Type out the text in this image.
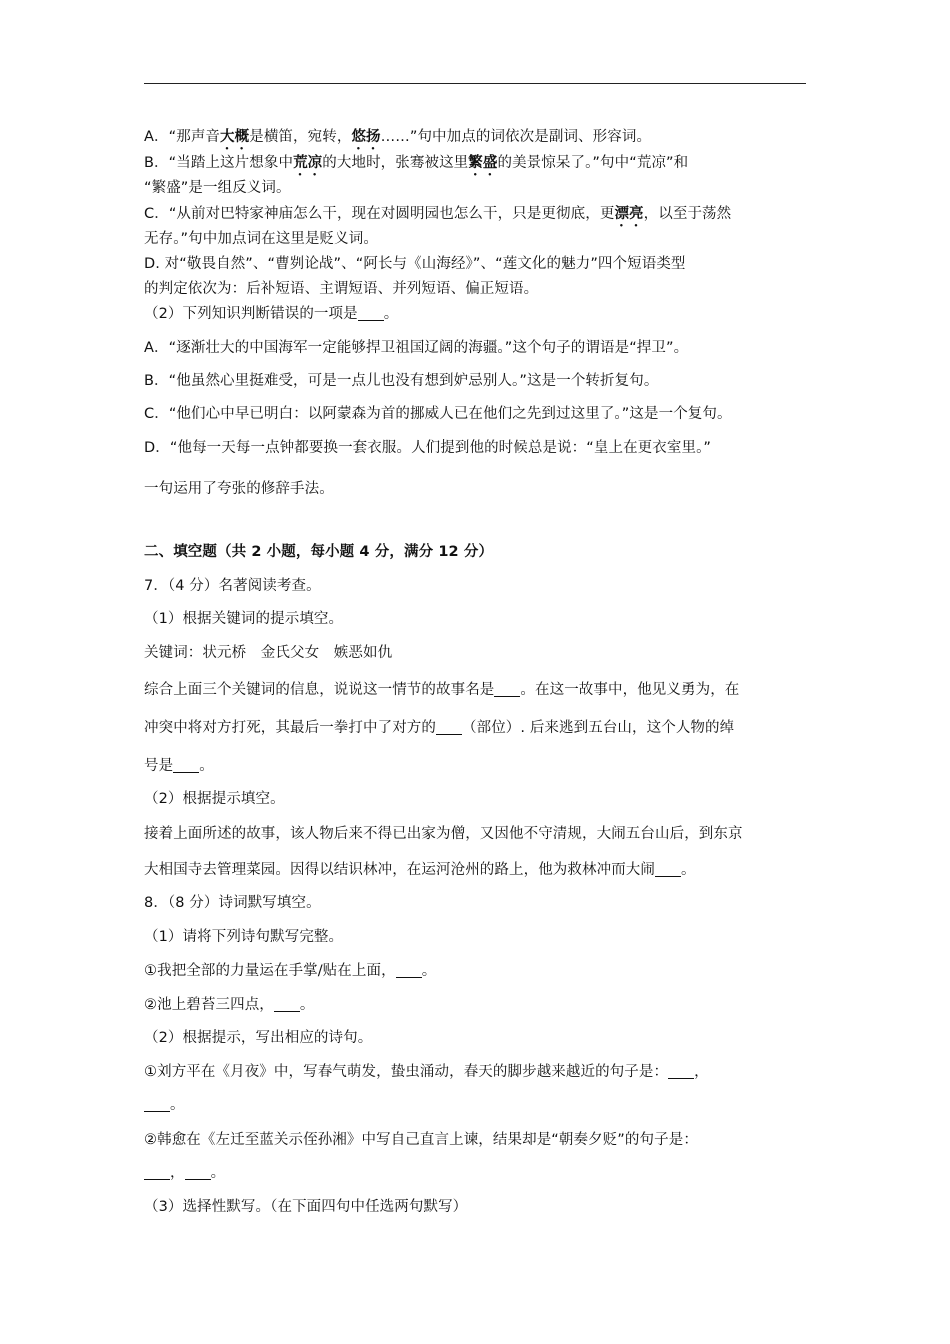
A．“那声音大概是横笛，宛转，悠扬……”句中加点的词依次是副词、形容词。
B．“当踏上这片想象中荒凉的大地时，张骞被这里繁盛的美景惊呆了。”句中“荒凉”和
“繁盛”是一组反义词。
C．“从前对巴特家神庙怎么干，现在对圆明园也怎么干，只是更彻底，更漂亮，以至于荡然
无存。”句中加点词在这里是贬义词。
D. 对“敬畏自然”、“曹刿论战”、“阿长与《山海经》”、“莲文化的魅力”四个短语类型
的判定依次为：后补短语、主谓短语、并列短语、偏正短语。
（2）下列知识判断错误的一项是 。
A．“逐渐壮大的中国海军一定能够捍卫祖国辽阔的海疆。”这个句子的谓语是“捍卫”。
B．“他虽然心里挺难受，可是一点儿也没有想到妒忌别人。”这是一个转折复句。
C．“他们心中早已明白：以阿蒙森为首的挪威人已在他们之先到过这里了。”这是一个复句。
D．“他每一天每一点钟都要换一套衣服。人们提到他的时候总是说：“皇上在更衣室里。”
一句运用了夸张的修辞手法。
二、填空题（共 2 小题，每小题 4 分，满分 12 分）
7．（4 分）名著阅读考查。
（1）根据关键词的提示填空。
关键词：状元桥　金氏父女　嫉恶如仇
综合上面三个关键词的信息，说说这一情节的故事名是 。在这一故事中，他见义勇为，在
冲突中将对方打死，其最后一拳打中了对方的 （部位）. 后来逃到五台山，这个人物的绰
号是 。
（2）根据提示填空。
接着上面所述的故事，该人物后来不得已出家为僧，又因他不守清规，大闹五台山后，到东京
大相国寺去管理菜园。因得以结识林冲，在运河沧州的路上，他为救林冲而大闹 。
8．（8 分）诗词默写填空。
（1）请将下列诗句默写完整。
①我把全部的力量运在手掌/贴在上面， 。
②池上碧苔三四点， 。
（2）根据提示，写出相应的诗句。
①刘方平在《月夜》中，写春气萌发，蛰虫涌动，春天的脚步越来越近的句子是： ，
。
②韩愈在《左迁至蓝关示侄孙湘》中写自己直言上谏，结果却是“朝奏夕贬”的句子是：
， 。
（3）选择性默写。（在下面四句中任选两句默写）
